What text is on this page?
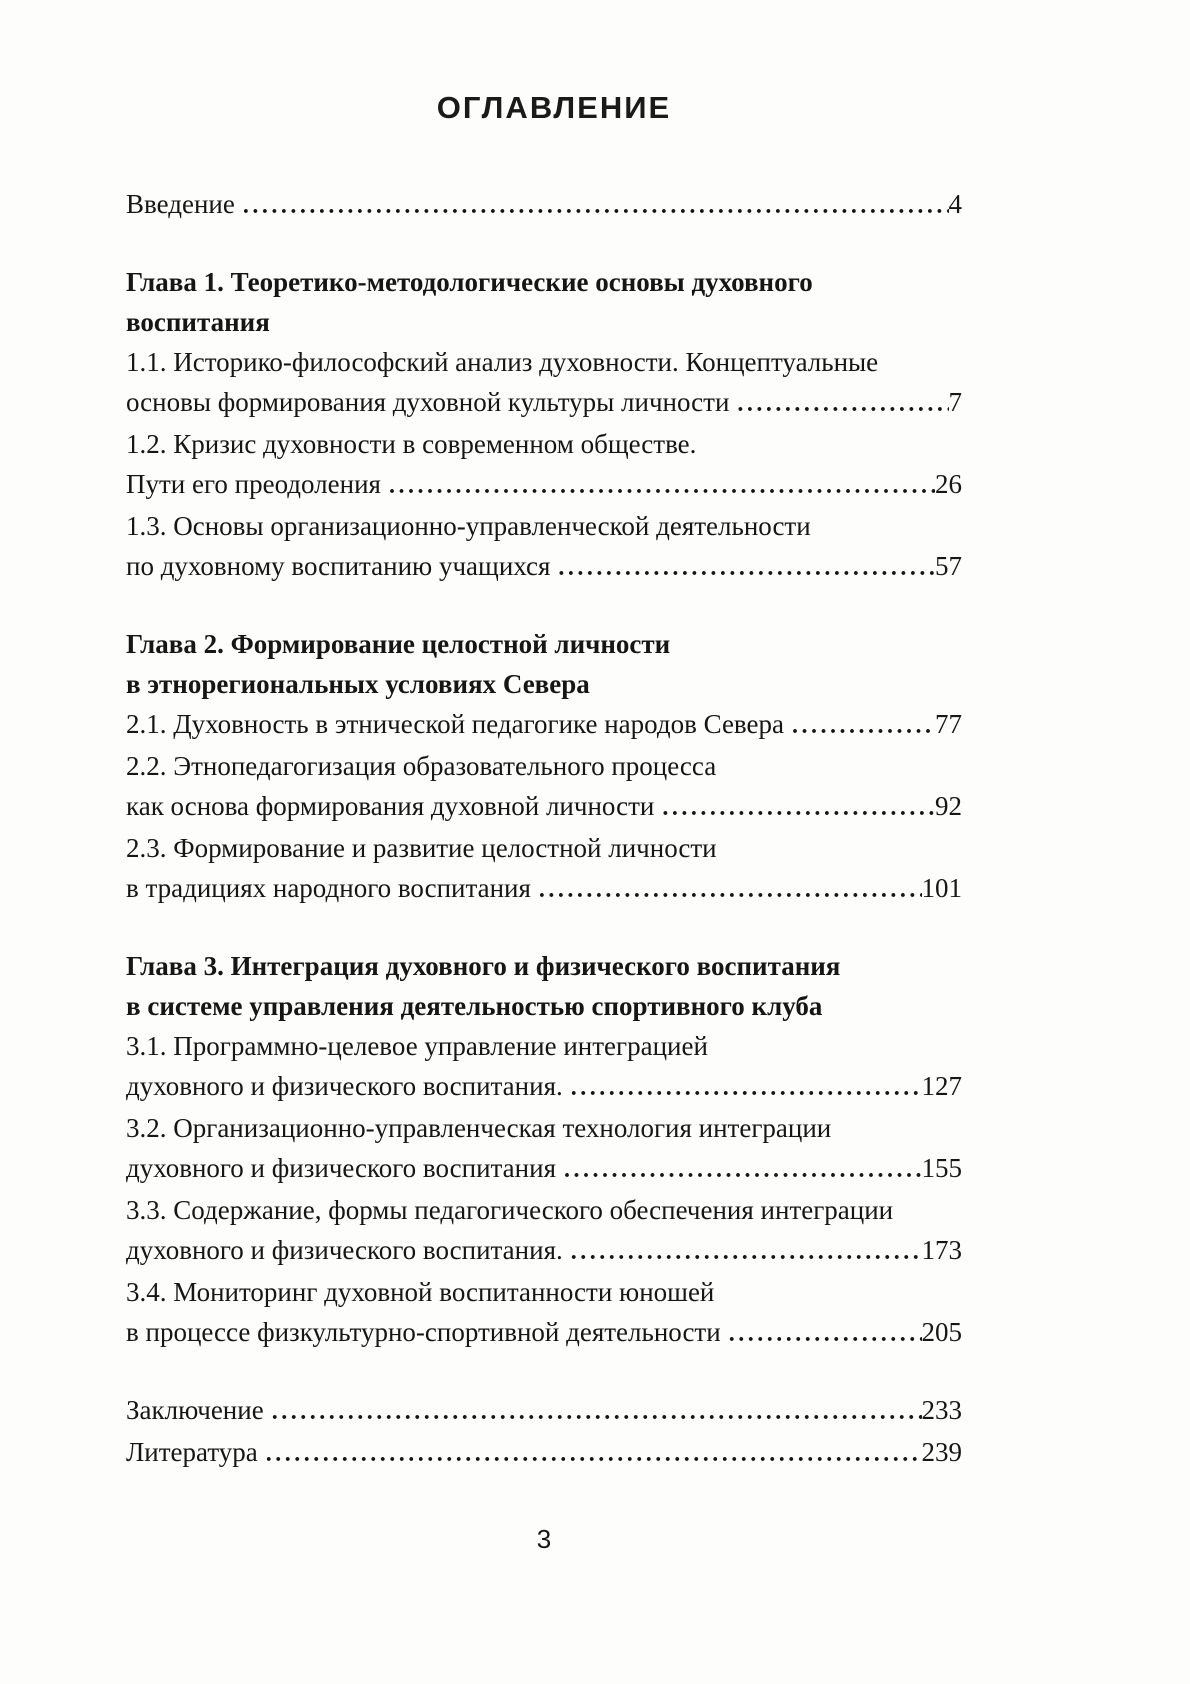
ОГЛАВЛЕНИЕ
Введение .....	4
Глава 1. Теоретико-методологические основы духовного
воспитания
1.1. Историко-философский анализ духовности. Концептуальные
основы формирования духовной культуры личности .....	7
1.2. Кризис духовности в современном обществе.
Пути его преодоления .....	26
1.3. Основы организационно-управленческой деятельности
по духовному воспитанию учащихся .....	57
Глава 2. Формирование целостной личности
в этнорегиональных условиях Севера
2.1. Духовность в этнической педагогике народов Севера .....	77
2.2. Этнопедагогизация образовательного процесса
как основа формирования духовной личности .....	92
2.3. Формирование и развитие целостной личности
в традициях народного воспитания .....	101
Глава 3. Интеграция духовного и физического воспитания
в системе управления деятельностью спортивного клуба
3.1. Программно-целевое управление интеграцией
духовного и физического воспитания. .....	127
3.2. Организационно-управленческая технология интеграции
духовного и физического воспитания .....	155
3.3. Содержание, формы педагогического обеспечения интеграции
духовного и физического воспитания. .....	173
3.4. Мониторинг духовной воспитанности юношей
в процессе физкультурно-спортивной деятельности .....	205
Заключение .....	233
Литература .....	239
3
